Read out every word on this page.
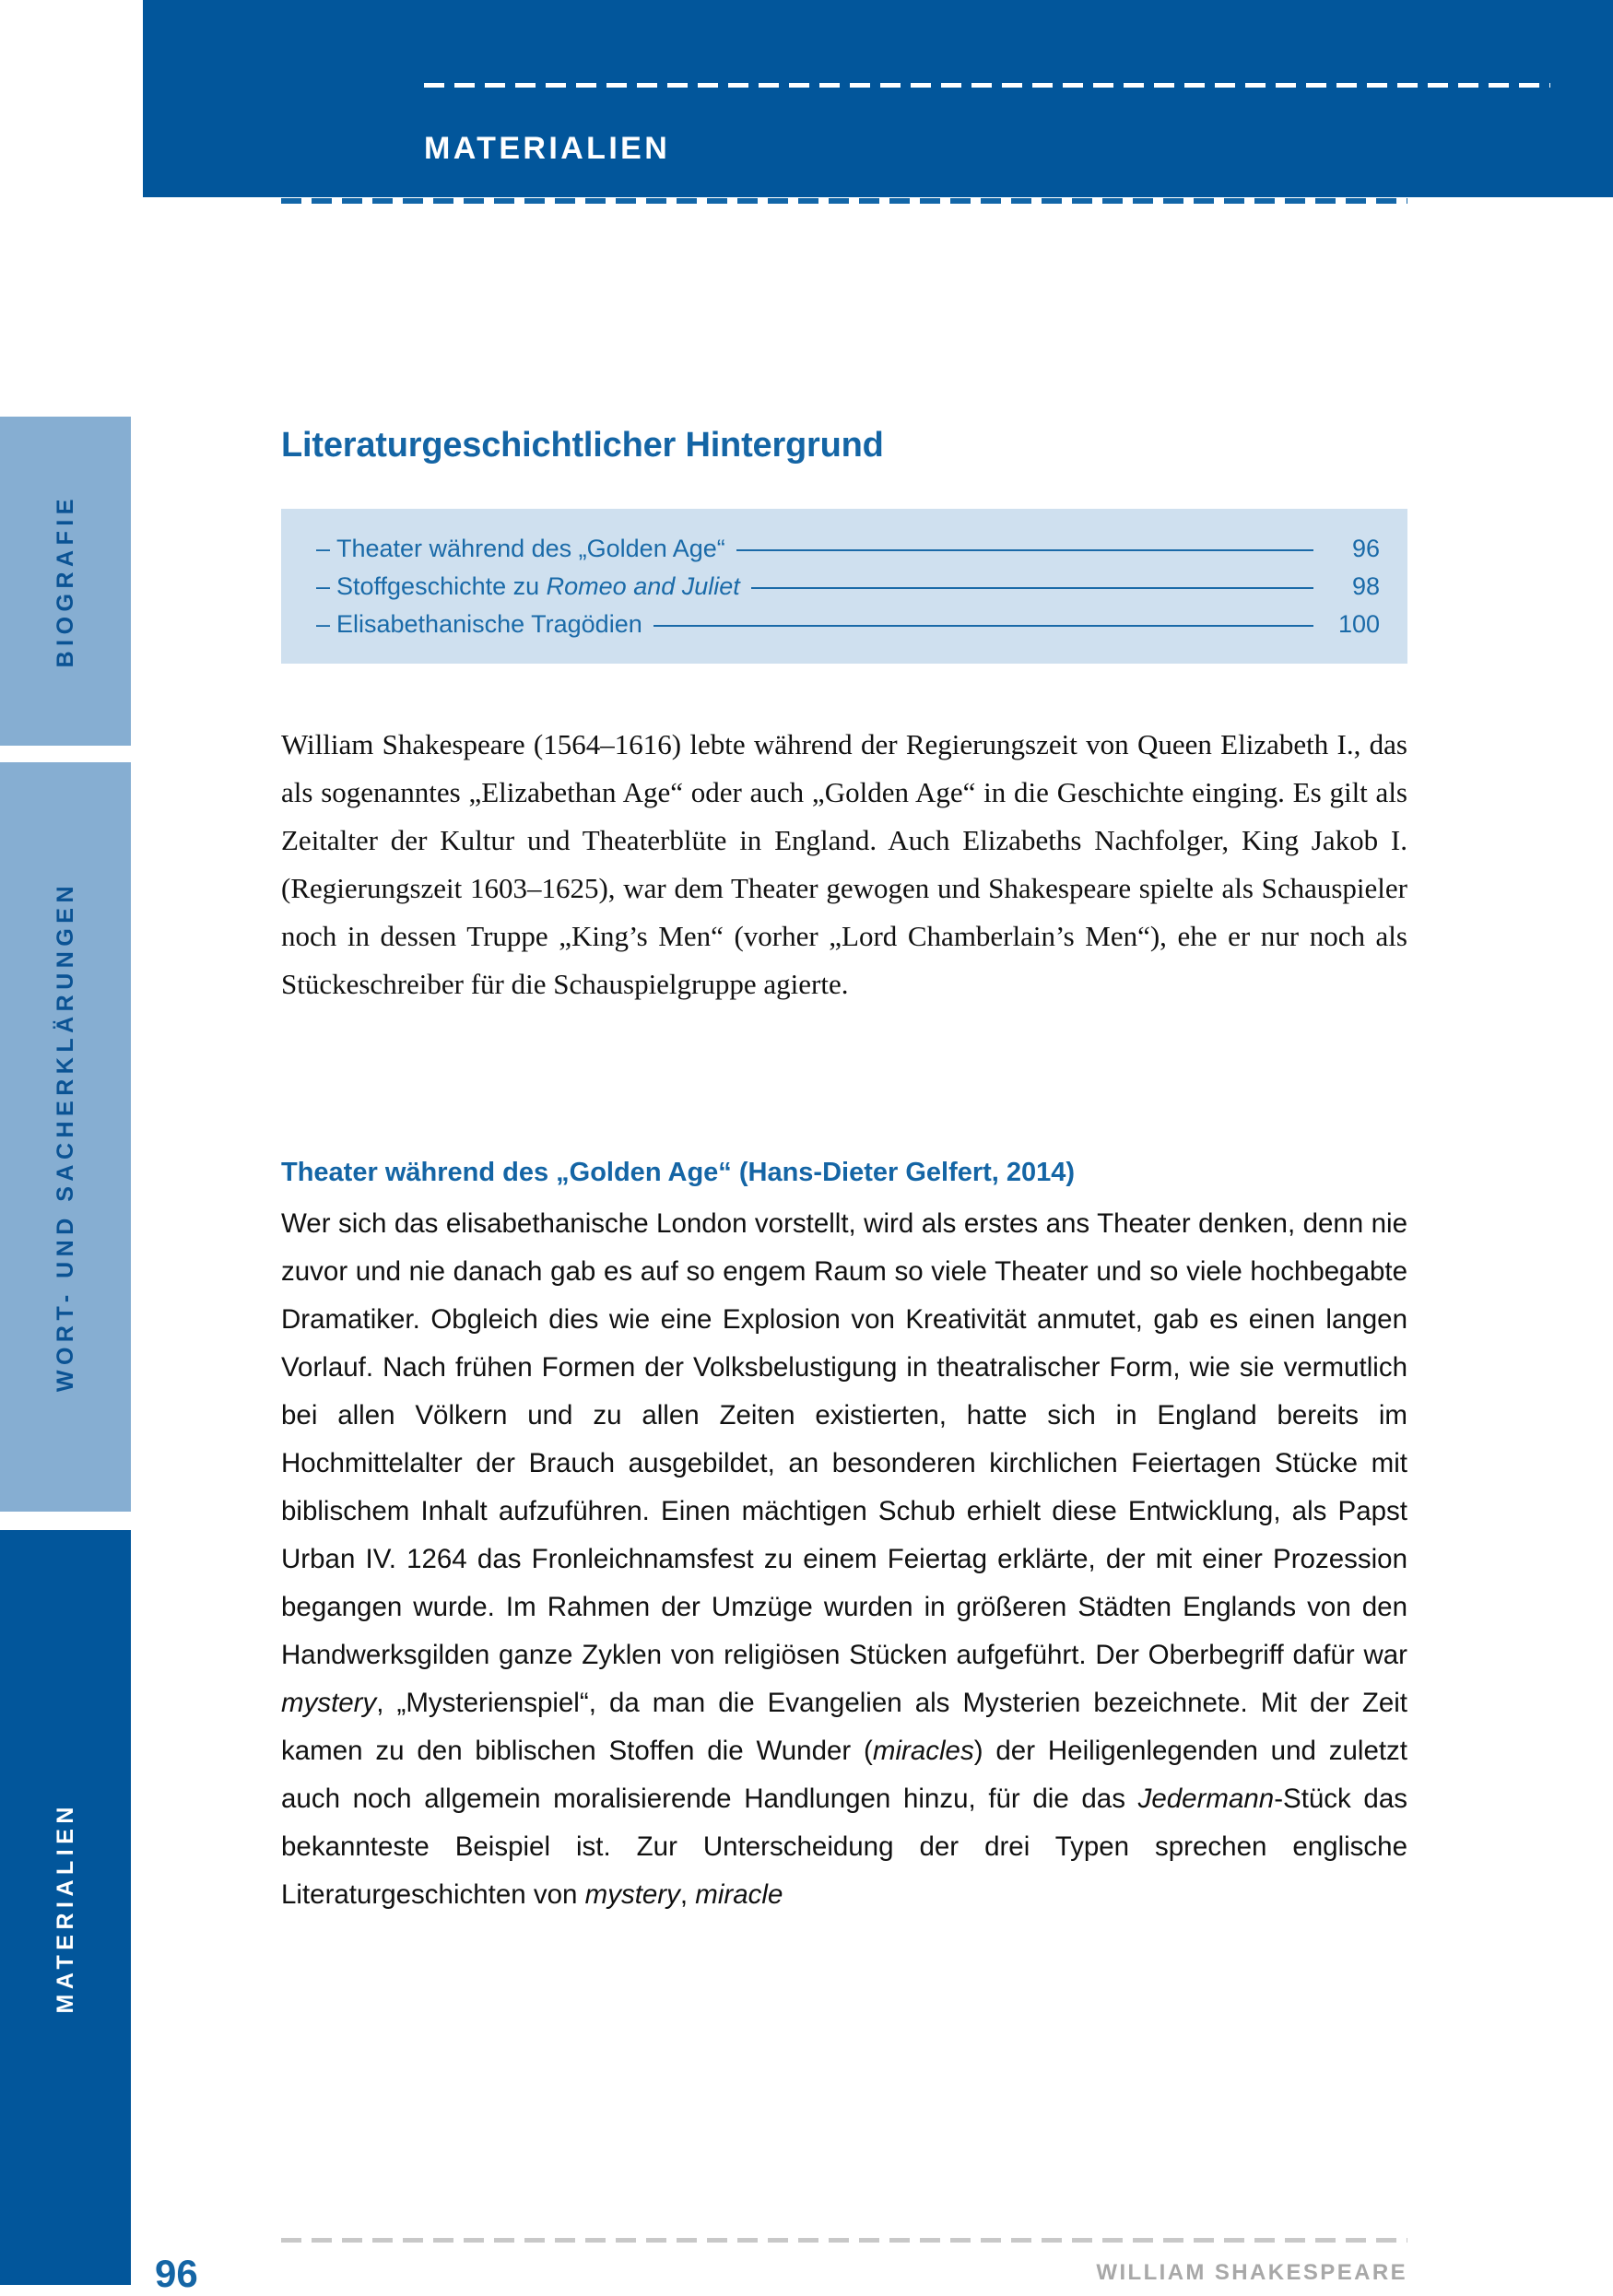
BIOGRAFIE
WORT- UND SACHERKLÄRUNGEN
MATERIALIEN
MATERIALIEN
Literaturgeschichtlicher Hintergrund
– Theater während des „Golden Age“	96
– Stoffgeschichte zu Romeo and Juliet	98
– Elisabethanische Tragödien	100
William Shakespeare (1564–1616) lebte während der Regierungszeit von Queen Elizabeth I., das als sogenanntes „Elizabethan Age“ oder auch „Golden Age“ in die Geschichte einging. Es gilt als Zeitalter der Kultur und Theaterblüte in England. Auch Elizabeths Nachfolger, King Jakob I. (Regierungszeit 1603–1625), war dem Theater gewogen und Shakespeare spielte als Schauspieler noch in dessen Truppe „King’s Men“ (vorher „Lord Chamberlain’s Men“), ehe er nur noch als Stückeschreiber für die Schauspielgruppe agierte.
Theater während des „Golden Age“ (Hans-Dieter Gelfert, 2014)
Wer sich das elisabethanische London vorstellt, wird als erstes ans Theater denken, denn nie zuvor und nie danach gab es auf so engem Raum so viele Theater und so viele hochbegabte Dramatiker. Obgleich dies wie eine Explosion von Kreativität anmutet, gab es einen langen Vorlauf. Nach frühen Formen der Volksbelustigung in theatralischer Form, wie sie vermutlich bei allen Völkern und zu allen Zeiten existierten, hatte sich in England bereits im Hochmittelalter der Brauch ausgebildet, an besonderen kirchlichen Feiertagen Stücke mit biblischem Inhalt aufzuführen. Einen mächtigen Schub erhielt diese Entwicklung, als Papst Urban IV. 1264 das Fronleichnamsfest zu einem Feiertag erklärte, der mit einer Prozession begangen wurde. Im Rahmen der Umzüge wurden in größeren Städten Englands von den Handwerksgilden ganze Zyklen von religiösen Stücken aufgeführt. Der Oberbegriff dafür war mystery, „Mysterienspiel“, da man die Evangelien als Mysterien bezeichnete. Mit der Zeit kamen zu den biblischen Stoffen die Wunder (miracles) der Heiligenlegenden und zuletzt auch noch allgemein moralisierende Handlungen hinzu, für die das Jedermann-Stück das bekannteste Beispiel ist. Zur Unterscheidung der drei Typen sprechen englische Literaturgeschichten von mystery, miracle
96	WILLIAM SHAKESPEARE
